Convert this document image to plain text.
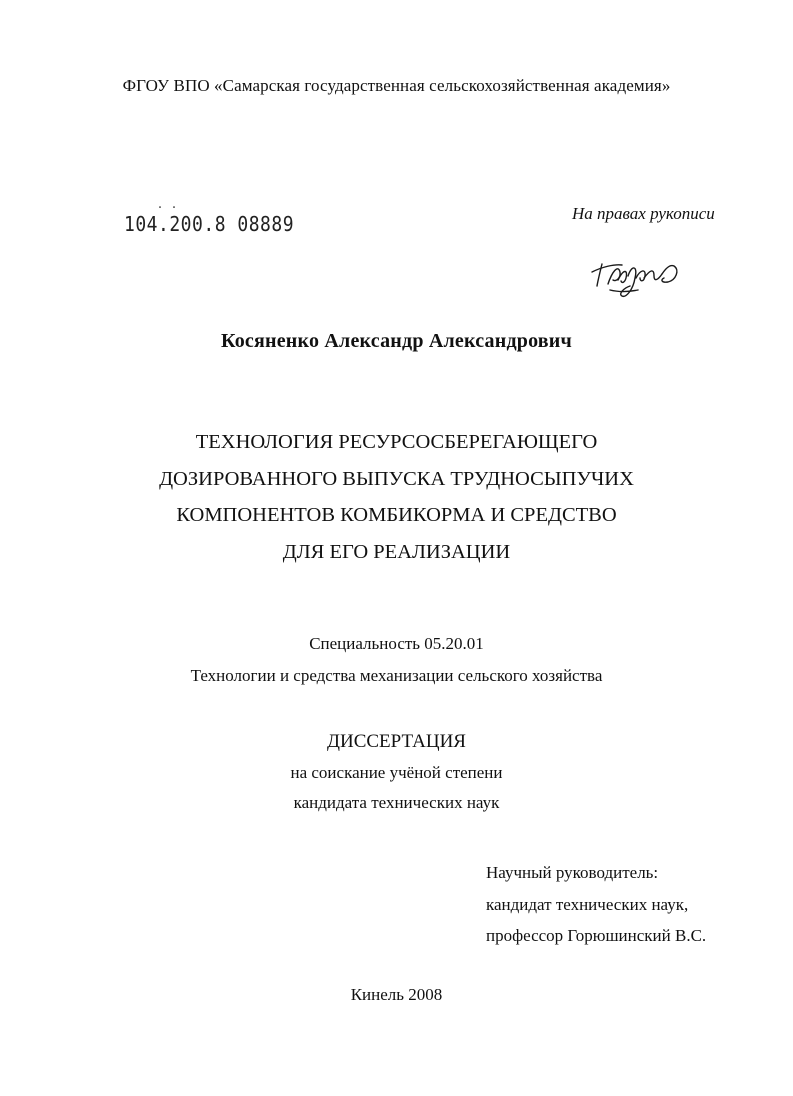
ФГОУ ВПО «Самарская государственная сельскохозяйственная академия»
· ·
104.200.8 08889	На правах рукописи
Косяненко Александр Александрович
ТЕХНОЛОГИЯ РЕСУРСОСБЕРЕГАЮЩЕГО
ДОЗИРОВАННОГО ВЫПУСКА ТРУДНОСЫПУЧИХ
КОМПОНЕНТОВ КОМБИКОРМА И СРЕДСТВО
ДЛЯ ЕГО РЕАЛИЗАЦИИ
Специальность 05.20.01
Технологии и средства механизации сельского хозяйства
ДИССЕРТАЦИЯ
на соискание учёной степени
кандидата технических наук
Научный руководитель:
кандидат технических наук,
профессор Горюшинский В.С.
Кинель 2008
